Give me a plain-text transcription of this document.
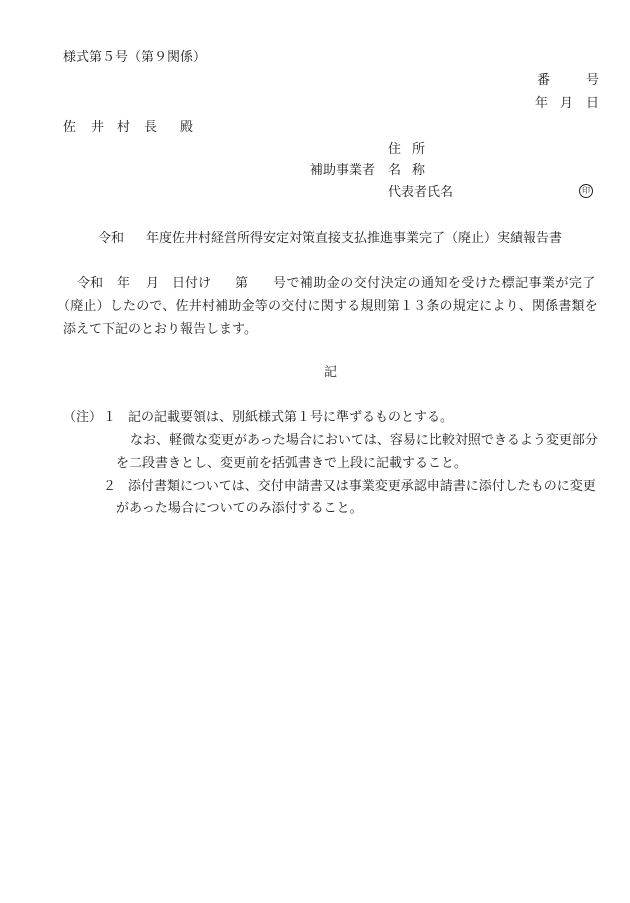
様式第５号（第９関係）
番	号
年 月 日
佐 井 村 長 殿
住 所
補助事業者 名 称
代表者氏名	印
令和 年度佐井村経営所得安定対策直接支払推進事業完了（廃止）実績報告書
令和 年 月 日付け 第 号で補助金の交付決定の通知を受けた標記事業が完了
（廃止）したので、佐井村補助金等の交付に関する規則第１３条の規定により、関係書類を
添えて下記のとおり報告します。
記
（注） １ 記の記載要領は、別紙様式第１号に準ずるものとする。
なお、軽微な変更があった場合においては、容易に比較対照できるよう変更部分
を二段書きとし、変更前を括弧書きで上段に記載すること。
２ 添付書類については、交付申請書又は事業変更承認申請書に添付したものに変更
があった場合についてのみ添付すること。
